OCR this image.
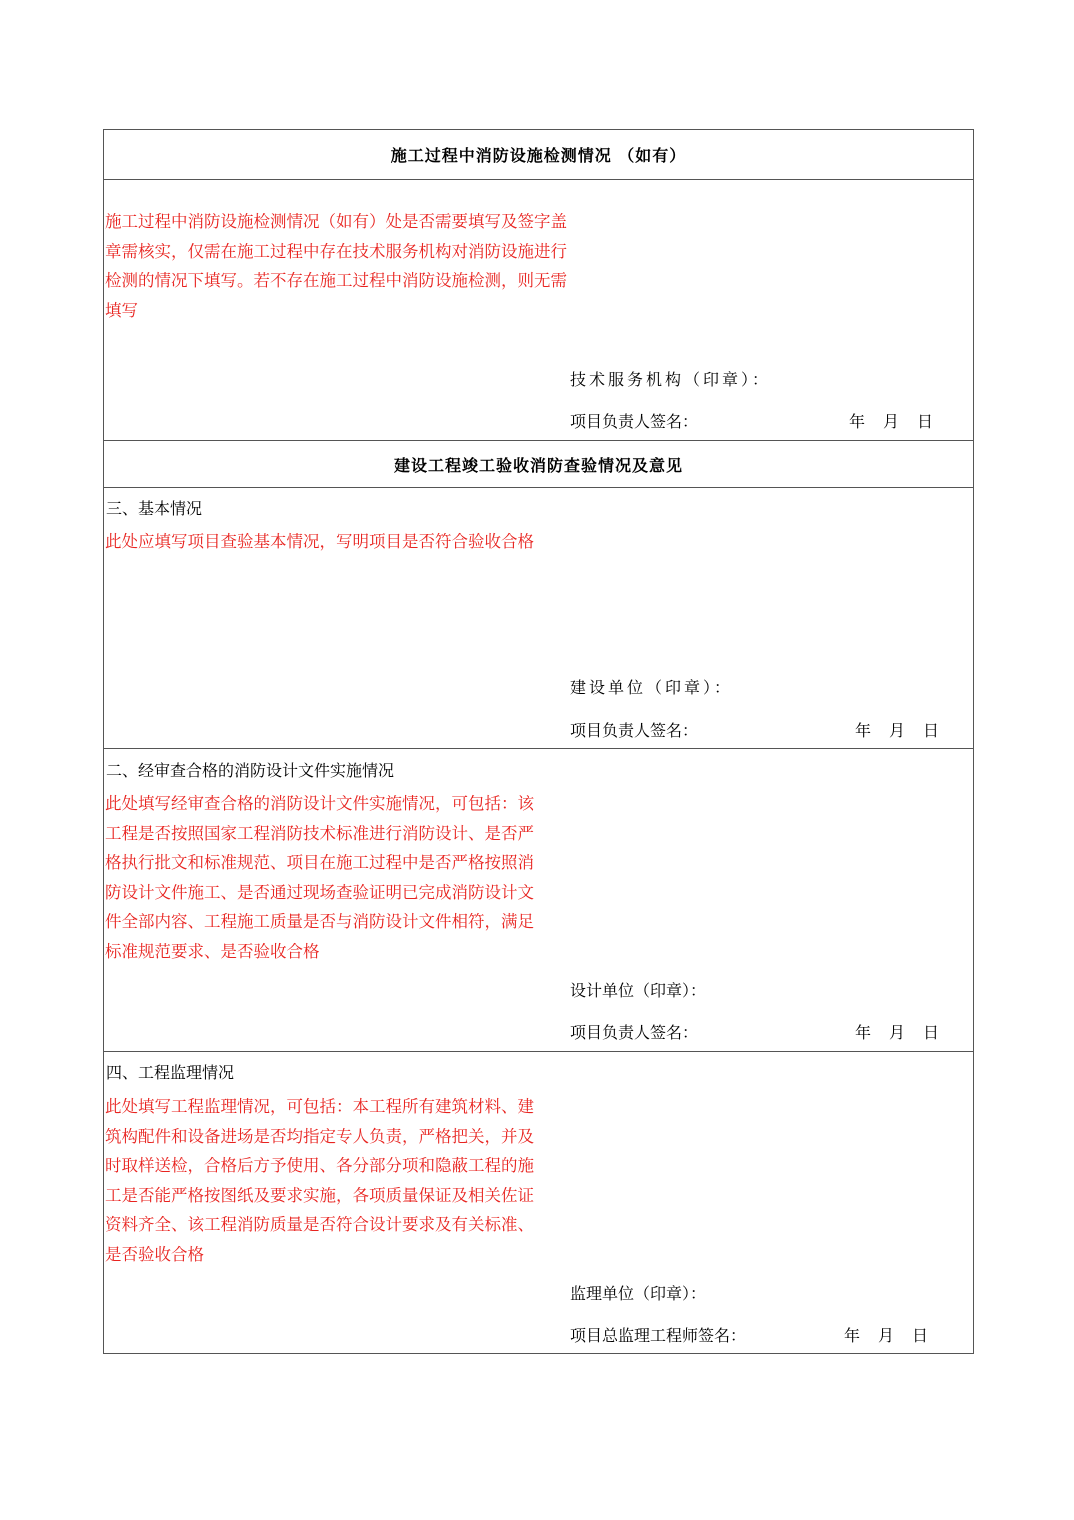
施工过程中消防设施检测情况 （如有）
施工过程中消防设施检测情况（如有）处是否需要填写及签字盖章需核实，仅需在施工过程中存在技术服务机构对消防设施进行检测的情况下填写。若不存在施工过程中消防设施检测，则无需填写
技术服务机构（印章）：
项目负责人签名：	年 月 日
建设工程竣工验收消防查验情况及意见
三、基本情况
此处应填写项目查验基本情况，写明项目是否符合验收合格
建设单位（印章）：
项目负责人签名：	年 月 日
二、经审查合格的消防设计文件实施情况
此处填写经审查合格的消防设计文件实施情况，可包括：该工程是否按照国家工程消防技术标准进行消防设计、是否严格执行批文和标准规范、项目在施工过程中是否严格按照消防设计文件施工、是否通过现场查验证明已完成消防设计文件全部内容、工程施工质量是否与消防设计文件相符，满足标准规范要求、是否验收合格
设计单位（印章）：
项目负责人签名：	年 月 日
四、工程监理情况
此处填写工程监理情况，可包括：本工程所有建筑材料、建筑构配件和设备进场是否均指定专人负责，严格把关，并及时取样送检，合格后方予使用、各分部分项和隐蔽工程的施工是否能严格按图纸及要求实施，各项质量保证及相关佐证资料齐全、该工程消防质量是否符合设计要求及有关标准、是否验收合格
监理单位（印章）：
项目总监理工程师签名：	年 月 日
